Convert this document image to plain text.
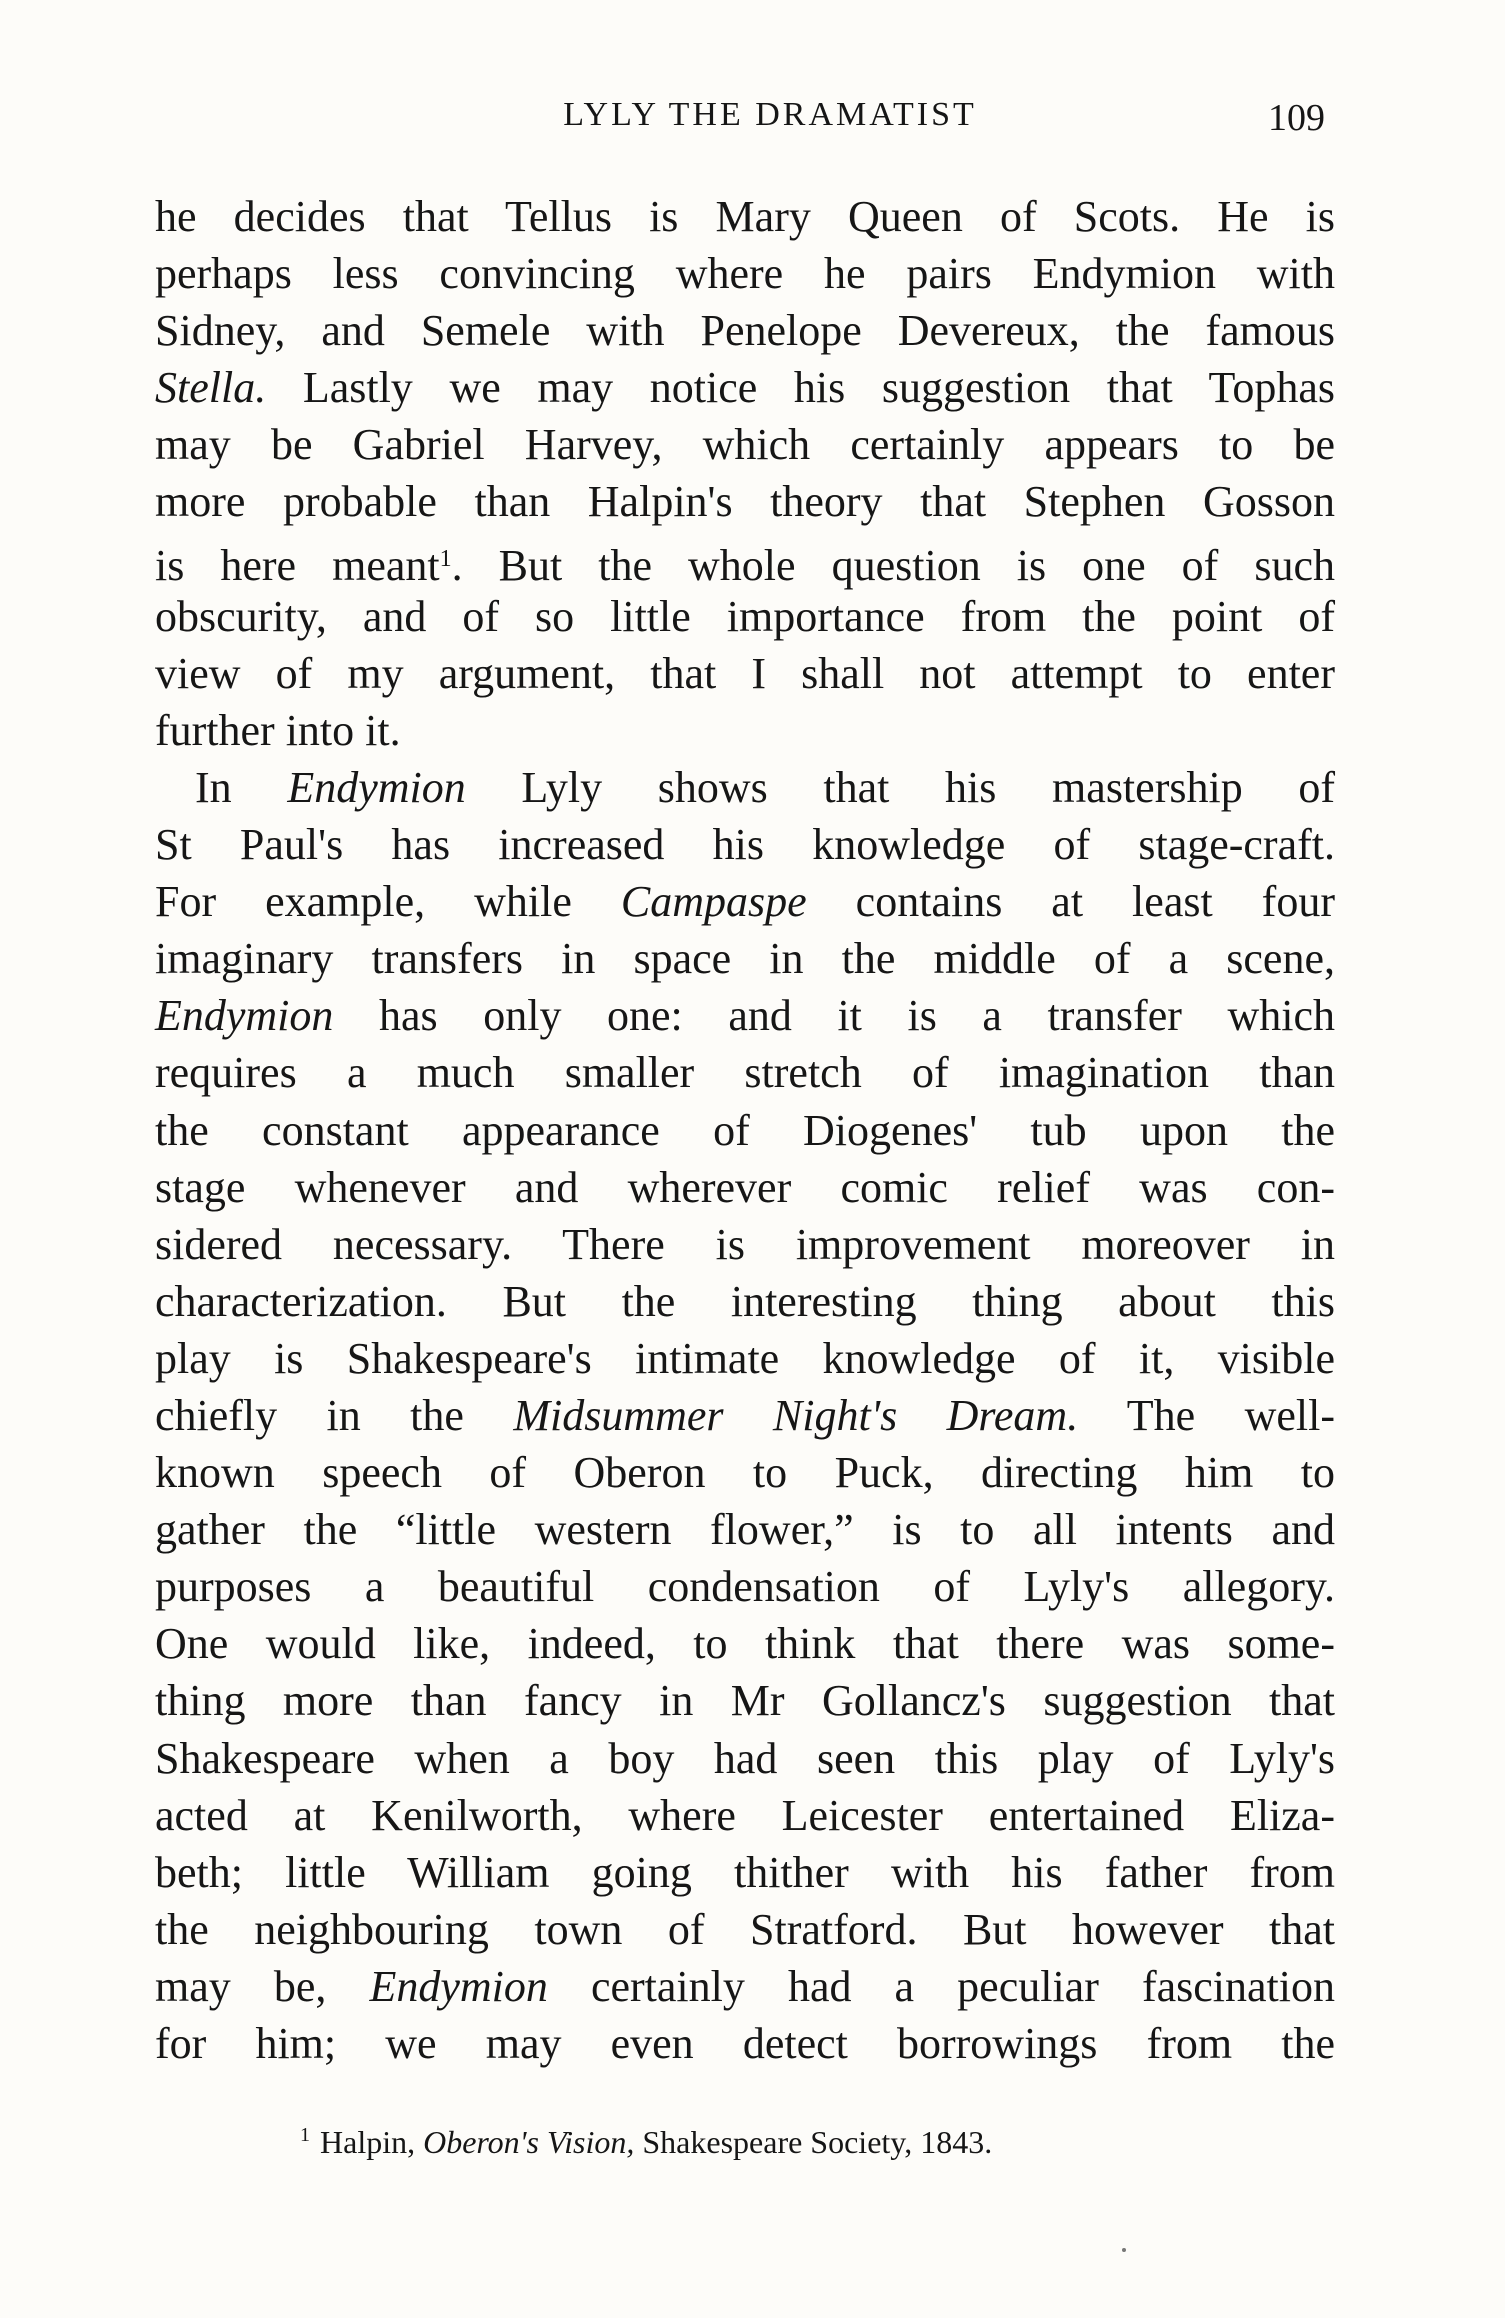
LYLY THE DRAMATIST	109
he decides that Tellus is Mary Queen of Scots. He is
perhaps less convincing where he pairs Endymion with
Sidney, and Semele with Penelope Devereux, the famous
Stella. Lastly we may notice his suggestion that Tophas
may be Gabriel Harvey, which certainly appears to be
more probable than Halpin's theory that Stephen Gosson
is here meant$^1$. But the whole question is one of such
obscurity, and of so little importance from the point of
view of my argument, that I shall not attempt to enter
further into it.
In Endymion Lyly shows that his mastership of
St Paul's has increased his knowledge of stage-craft.
For example, while Campaspe contains at least four
imaginary transfers in space in the middle of a scene,
Endymion has only one: and it is a transfer which
requires a much smaller stretch of imagination than
the constant appearance of Diogenes' tub upon the
stage whenever and wherever comic relief was con-
sidered necessary. There is improvement moreover in
characterization. But the interesting thing about this
play is Shakespeare's intimate knowledge of it, visible
chiefly in the Midsummer Night's Dream. The well-
known speech of Oberon to Puck, directing him to
gather the “little western flower,” is to all intents and
purposes a beautiful condensation of Lyly's allegory.
One would like, indeed, to think that there was some-
thing more than fancy in Mr Gollancz's suggestion that
Shakespeare when a boy had seen this play of Lyly's
acted at Kenilworth, where Leicester entertained Eliza-
beth; little William going thither with his father from
the neighbouring town of Stratford. But however that
may be, Endymion certainly had a peculiar fascination
for him; we may even detect borrowings from the
$^1$ Halpin, Oberon's Vision, Shakespeare Society, 1843.
